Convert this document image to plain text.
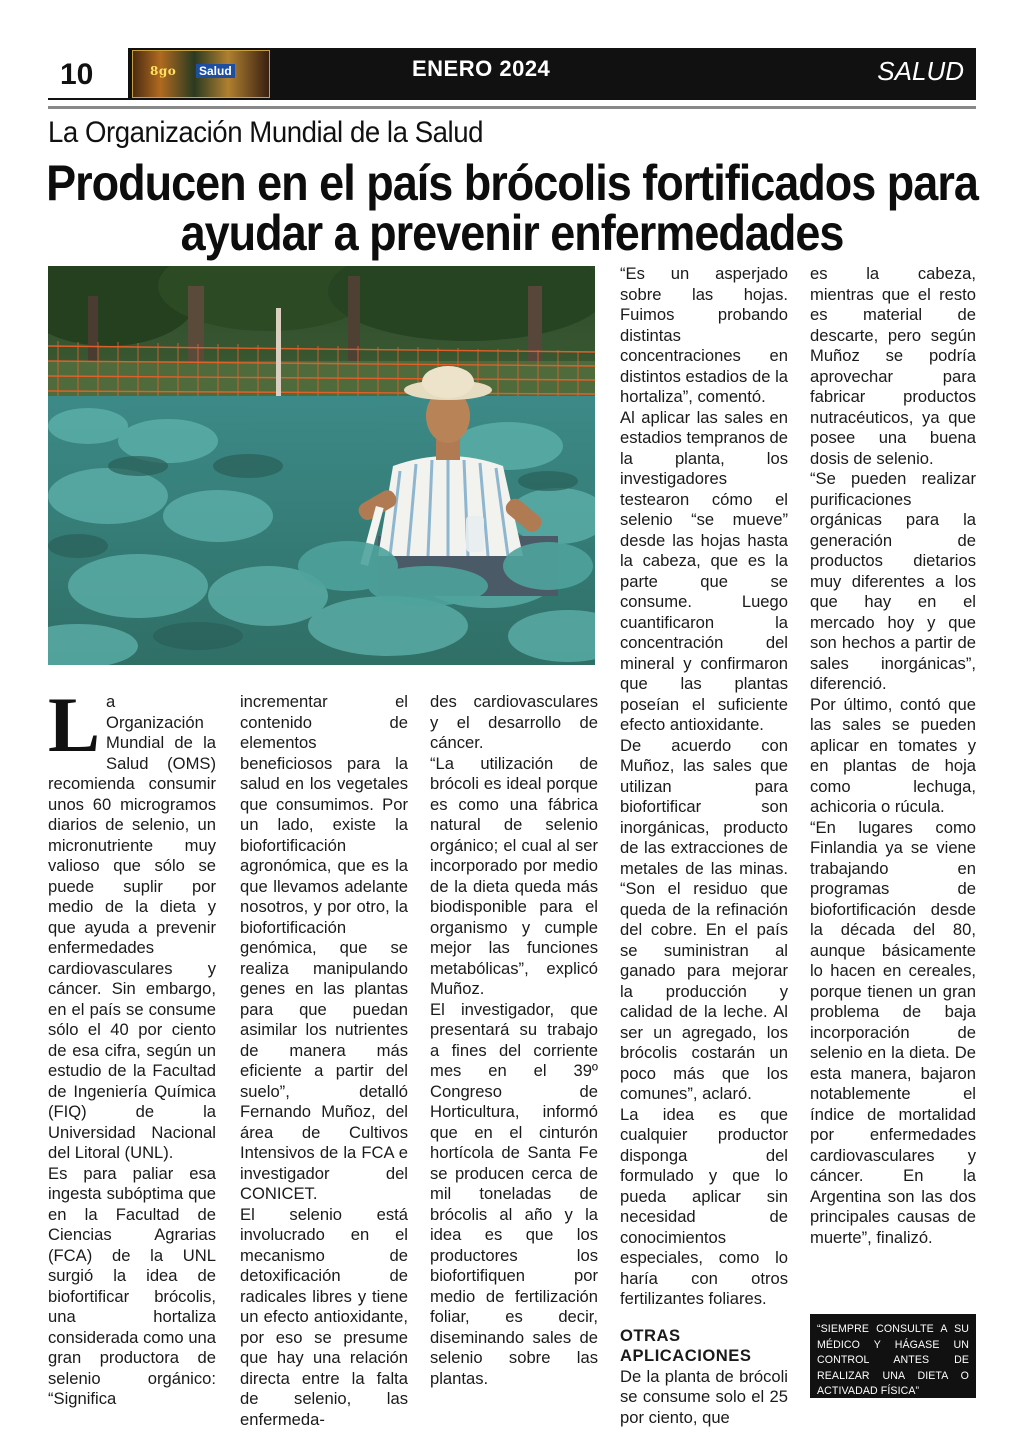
10	8go Salud	ENERO 2024	SALUD
La Organización Mundial de la Salud
Producen en el país brócolis fortificados para
ayudar a prevenir enfermedades

La Organización Mundial de la Salud (OMS) recomienda consumir unos 60 microgramos diarios de selenio, un micronutriente muy valioso que sólo se puede suplir por medio de la dieta y que ayuda a prevenir enfermedades cardiovasculares y cáncer. Sin embargo, en el país se consume sólo el 40 por ciento de esa cifra, según un estudio de la Facultad de Ingeniería Química (FIQ) de la Universidad Nacional del Litoral (UNL).

Es para paliar esa ingesta subóptima que en la Facultad de Ciencias Agrarias (FCA) de la UNL surgió la idea de biofortificar brócolis, una hortaliza considerada como una gran productora de selenio orgánico: “Significa

incrementar el contenido de elementos beneficiosos para la salud en los vegetales que consumimos. Por un lado, existe la biofortificación agronómica, que es la que llevamos adelante nosotros, y por otro, la biofortificación genómica, que se realiza manipulando genes en las plantas para que puedan asimilar los nutrientes de manera más eficiente a partir del suelo”, detalló Fernando Muñoz, del área de Cultivos Intensivos de la FCA e investigador del CONICET.

El selenio está involucrado en el mecanismo de detoxificación de radicales libres y tiene un efecto antioxidante, por eso se presume que hay una relación directa entre la falta de selenio, las enfermeda-

des cardiovasculares y el desarrollo de cáncer.

“La utilización de brócoli es ideal porque es como una fábrica natural de selenio orgánico; el cual al ser incorporado por medio de la dieta queda más biodisponible para el organismo y cumple mejor las funciones metabólicas”, explicó Muñoz.

El investigador, que presentará su trabajo a fines del corriente mes en el 39º Congreso de Horticultura, informó que en el cinturón hortícola de Santa Fe se producen cerca de mil toneladas de brócolis al año y la idea es que los productores los biofortifiquen por medio de fertilización foliar, es decir, diseminando sales de selenio sobre las plantas.

“Es un asperjado sobre las hojas. Fuimos probando distintas concentraciones en distintos estadios de la hortaliza”, comentó.

Al aplicar las sales en estadios tempranos de la planta, los investigadores testearon cómo el selenio “se mueve” desde las hojas hasta la cabeza, que es la parte que se consume. Luego cuantificaron la concentración del mineral y confirmaron que las plantas poseían el suficiente efecto antioxidante.

De acuerdo con Muñoz, las sales que utilizan para biofortificar son inorgánicas, producto de las extracciones de metales de las minas. “Son el residuo que queda de la refinación del cobre. En el país se suministran al ganado para mejorar la producción y calidad de la leche. Al ser un agregado, los brócolis costarán un poco más que los comunes”, aclaró.

La idea es que cualquier productor disponga del formulado y que lo pueda aplicar sin necesidad de conocimientos especiales, como lo haría con otros fertilizantes foliares.

OTRAS APLICACIONES

De la planta de brócoli se consume solo el 25 por ciento, que

es la cabeza, mientras que el resto es material de descarte, pero según Muñoz se podría aprovechar para fabricar productos nutracéuticos, ya que posee una buena dosis de selenio.

“Se pueden realizar purificaciones orgánicas para la generación de productos dietarios muy diferentes a los que hay en el mercado hoy y que son hechos a partir de sales inorgánicas”, diferenció.

Por último, contó que las sales se pueden aplicar en tomates y en plantas de hoja como lechuga, achicoria o rúcula.

“En lugares como Finlandia ya se viene trabajando en programas de biofortificación desde la década del 80, aunque básicamente lo hacen en cereales, porque tienen un gran problema de baja incorporación de selenio en la dieta. De esta manera, bajaron notablemente el índice de mortalidad por enfermedades cardiovasculares y cáncer. En la Argentina son las dos principales causas de muerte”, finalizó.

“SIEMPRE CONSULTE A SU MÉDICO Y HÁGASE UN CONTROL ANTES DE REALIZAR UNA DIETA O ACTIVADAD FÍSICA”
